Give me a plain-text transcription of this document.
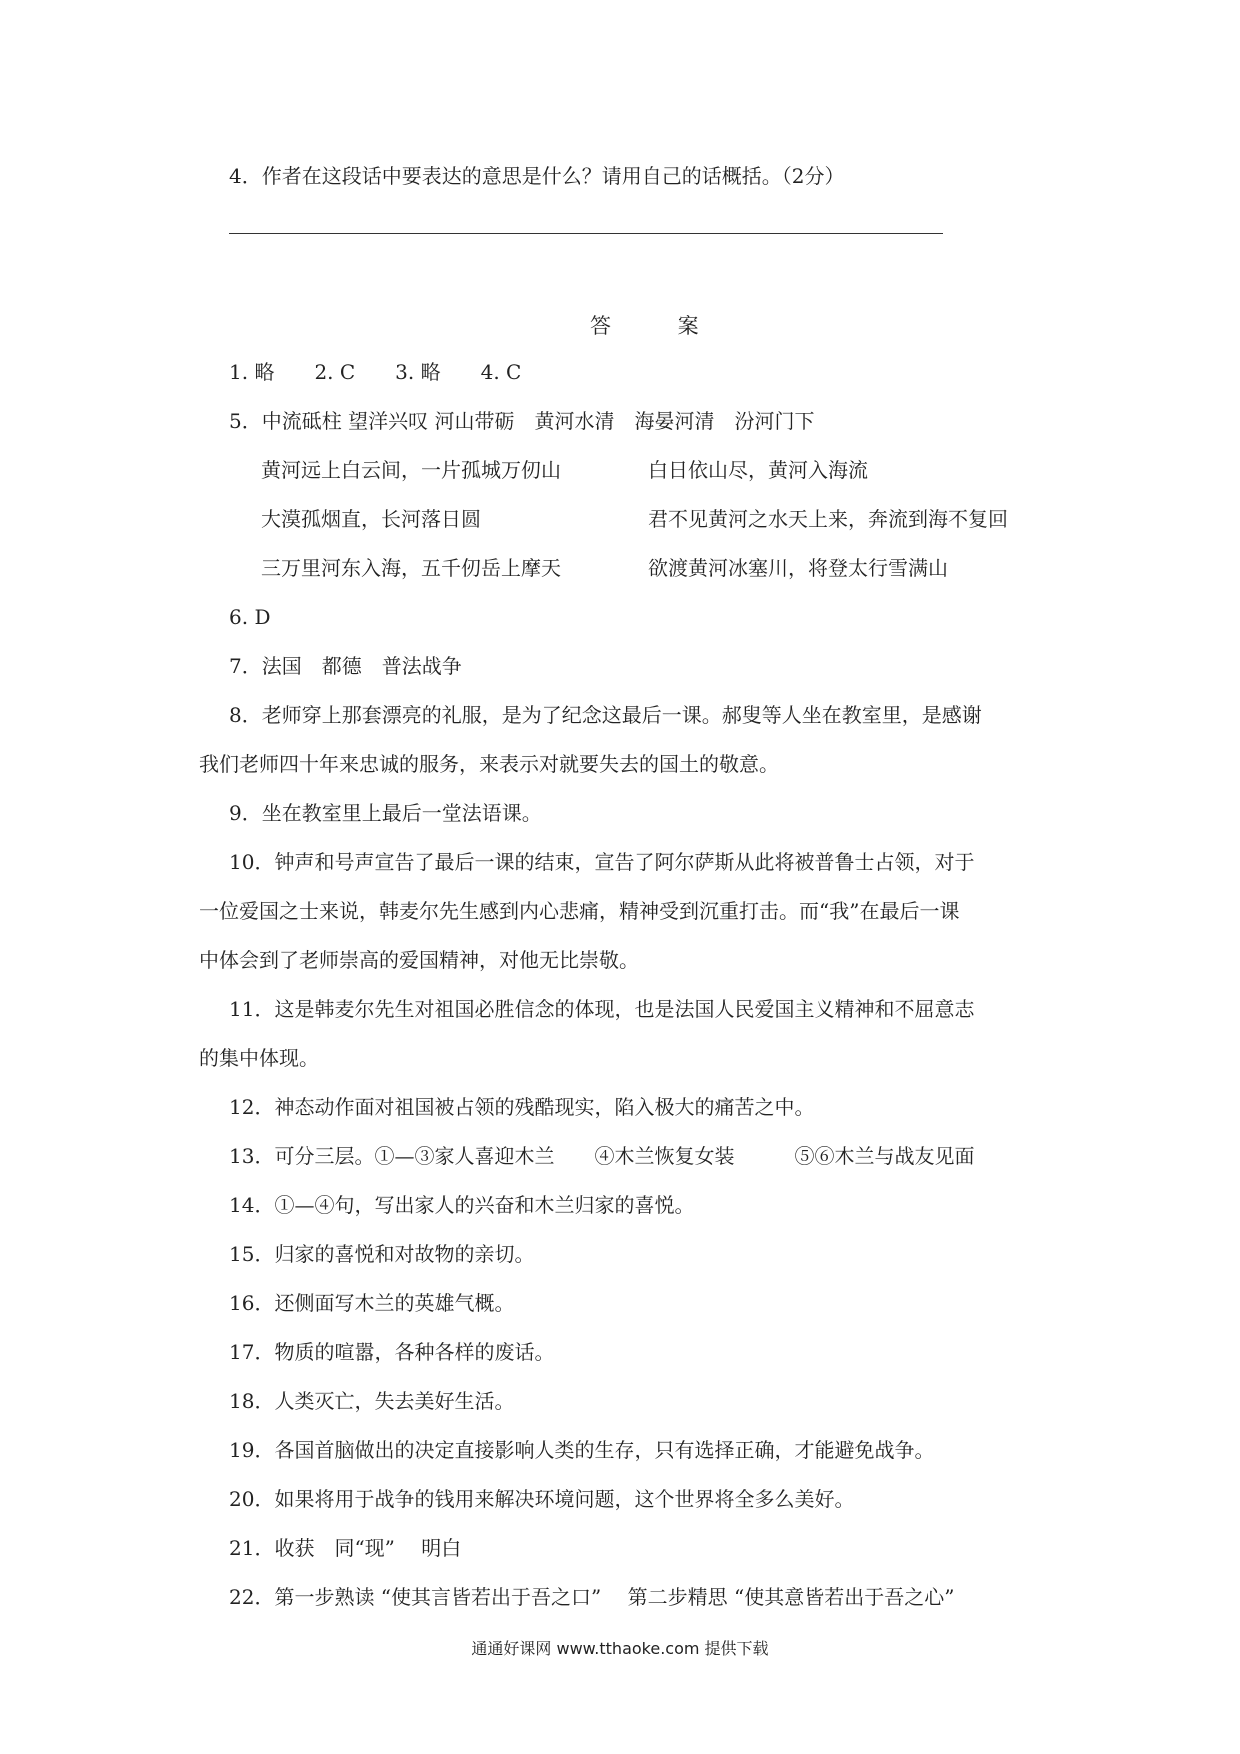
4．作者在这段话中要表达的意思是什么？请用自己的话概括。（2分）
答 案
1. 略　　2. C　　3. 略　　4. C
5．中流砥柱 望洋兴叹 河山带砺　黄河水清　海晏河清　汾河门下
黄河远上白云间，一片孤城万仞山	白日依山尽，黄河入海流
大漠孤烟直，长河落日圆	君不见黄河之水天上来，奔流到海不复回
三万里河东入海，五千仞岳上摩天	欲渡黄河冰塞川，将登太行雪满山
6. D
7．法国　都德　普法战争
8．老师穿上那套漂亮的礼服，是为了纪念这最后一课。郝叟等人坐在教室里，是感谢
我们老师四十年来忠诚的服务，来表示对就要失去的国土的敬意。
9．坐在教室里上最后一堂法语课。
10．钟声和号声宣告了最后一课的结束，宣告了阿尔萨斯从此将被普鲁士占领，对于
一位爱国之士来说，韩麦尔先生感到内心悲痛，精神受到沉重打击。而“我”在最后一课
中体会到了老师崇高的爱国精神，对他无比崇敬。
11．这是韩麦尔先生对祖国必胜信念的体现，也是法国人民爱国主义精神和不屈意志
的集中体现。
12．神态动作面对祖国被占领的残酷现实，陷入极大的痛苦之中。
13．可分三层。①—③家人喜迎木兰　　④木兰恢复女装　　　⑤⑥木兰与战友见面
14．①—④句，写出家人的兴奋和木兰归家的喜悦。
15．归家的喜悦和对故物的亲切。
16．还侧面写木兰的英雄气概。
17．物质的喧嚣，各种各样的废话。
18．人类灭亡，失去美好生活。
19．各国首脑做出的决定直接影响人类的生存，只有选择正确，才能避免战争。
20．如果将用于战争的钱用来解决环境问题，这个世界将全多么美好。
21．收获　同“现”　 明白
22．第一步熟读 “使其言皆若出于吾之口”　 第二步精思 “使其意皆若出于吾之心”
通通好课网 www.tthaoke.com 提供下载
